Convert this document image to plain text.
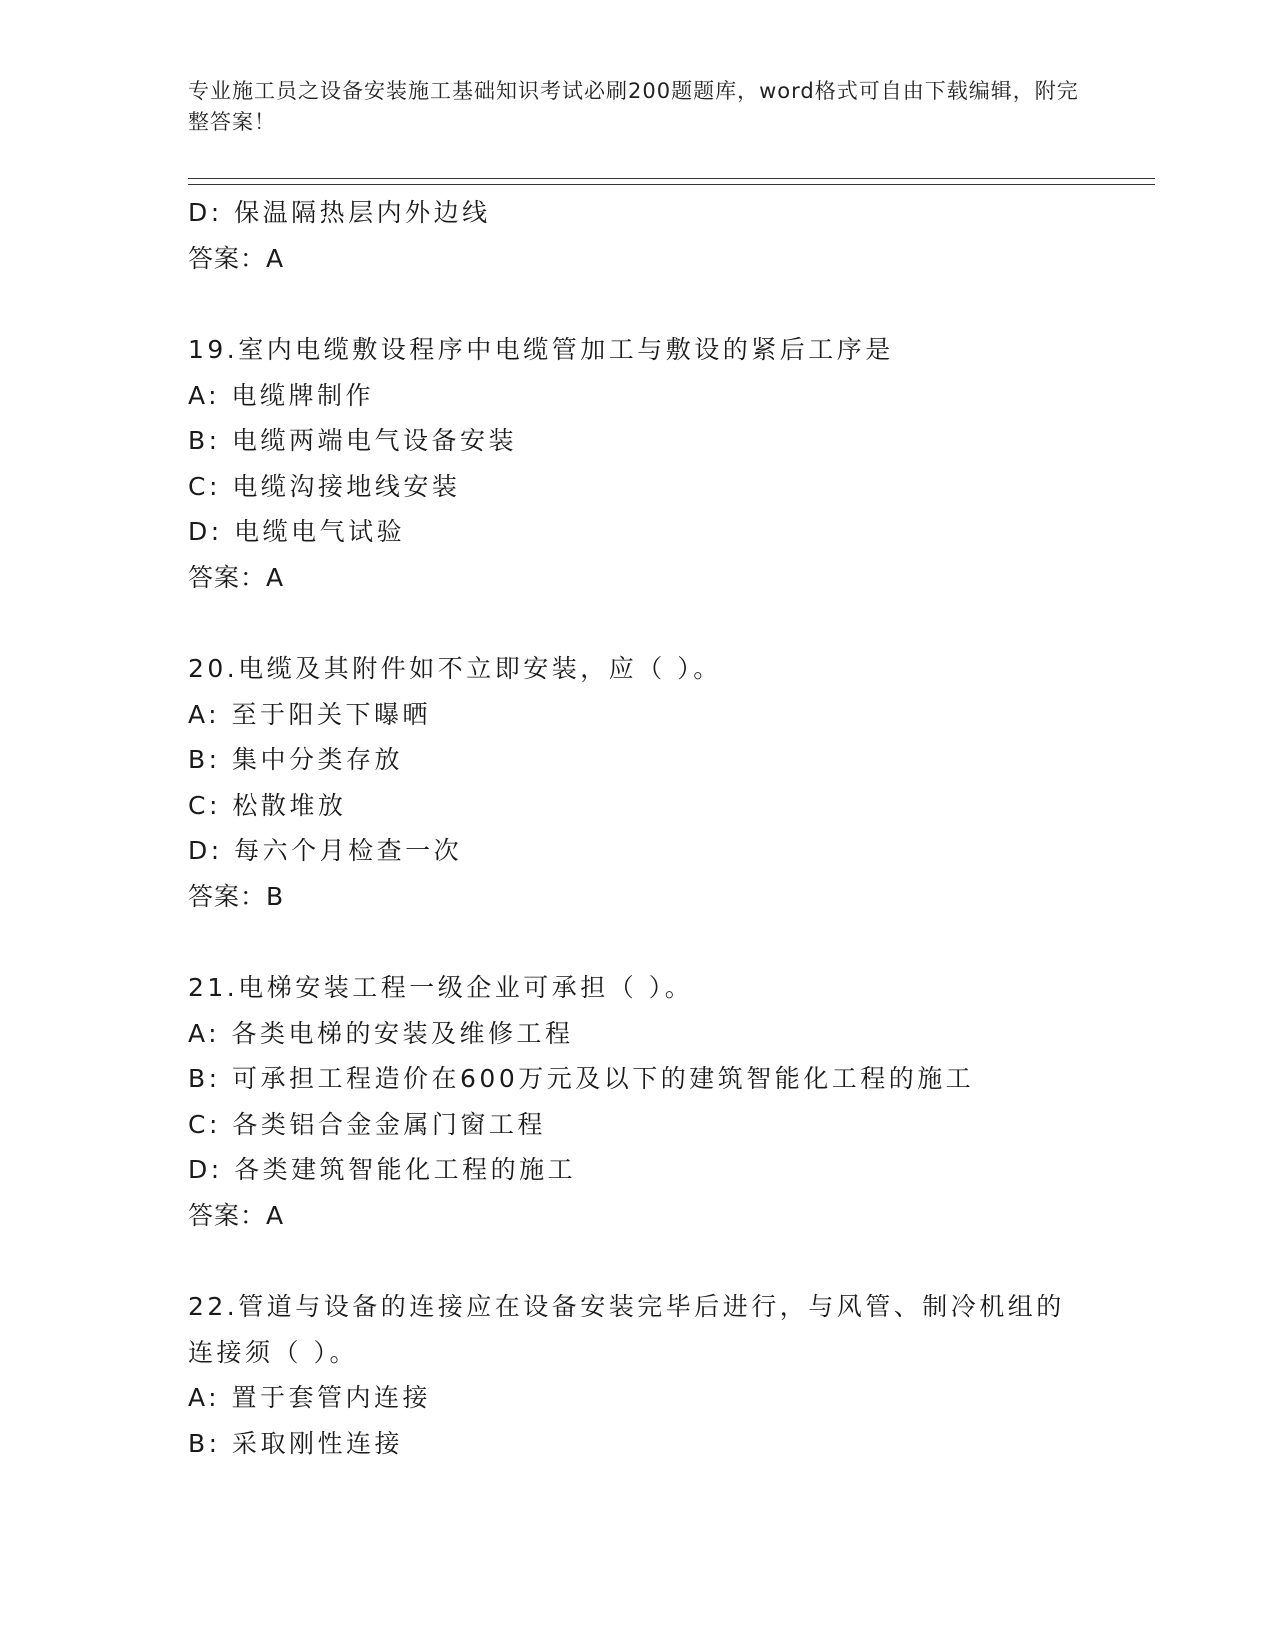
专业施工员之设备安装施工基础知识考试必刷200题题库，word格式可自由下载编辑，附完整答案！
D: 保温隔热层内外边线
答案：A
19.室内电缆敷设程序中电缆管加工与敷设的紧后工序是
A: 电缆牌制作
B: 电缆两端电气设备安装
C: 电缆沟接地线安装
D: 电缆电气试验
答案：A
20.电缆及其附件如不立即安装，应（ ）。
A: 至于阳关下曝晒
B: 集中分类存放
C: 松散堆放
D: 每六个月检查一次
答案：B
21.电梯安装工程一级企业可承担（ ）。
A: 各类电梯的安装及维修工程
B: 可承担工程造价在600万元及以下的建筑智能化工程的施工
C: 各类铝合金金属门窗工程
D: 各类建筑智能化工程的施工
答案：A
22.管道与设备的连接应在设备安装完毕后进行，与风管、制冷机组的
连接须（ ）。
A: 置于套管内连接
B: 采取刚性连接
